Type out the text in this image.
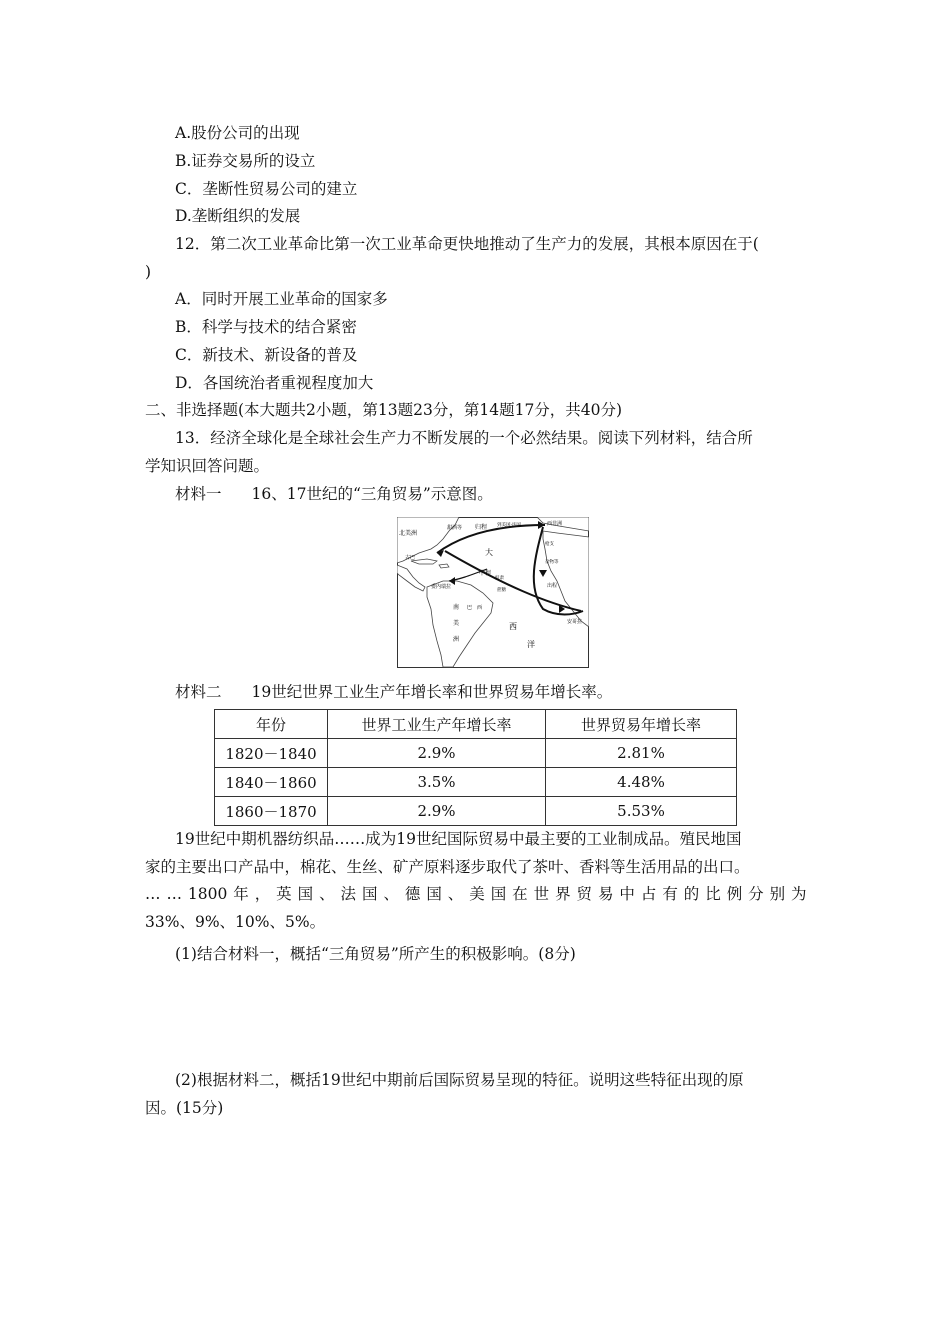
A.股份公司的出现
B.证券交易所的设立
C．垄断性贸易公司的建立
D.垄断组织的发展
12．第二次工业革命比第一次工业革命更快地推动了生产力的发展，其根本原因在于(
)
A．同时开展工业革命的国家多
B．科学与技术的结合紧密
C．新技术、新设备的普及
D．各国统治者重视程度加大
二、非选择题(本大题共2小题，第13题23分，第14题17分，共40分)
13．经济全球化是全球社会生产力不断发展的一个必然结果。阅读下列材料，结合所
学知识回答问题。
材料一 16、17世纪的“三角贸易”示意图。
北美洲
古巴
委内瑞拉
南
美
洲
巴 西
大
西
洋
归程
甜酒等	到美国·法国	西非洲
中程
奴隶
出程
枪支
杂物等
蔗糖
安哥拉
材料二 19世纪世界工业生产年增长率和世界贸易年增长率。
年份	世界工业生产年增长率	世界贸易年增长率
1820－1840	2.9%	2.81%
1840－1860	3.5%	4.48%
1860－1870	2.9%	5.53%
19世纪中期机器纺织品……成为19世纪国际贸易中最主要的工业制成品。殖民地国
家的主要出口产品中，棉花、生丝、矿产原料逐步取代了茶叶、香料等生活用品的出口。
… … 1800 年 ， 英 国 、 法 国 、 德 国 、 美 国 在 世 界 贸 易 中 占 有 的 比 例 分 别 为
33%、9%、10%、5%。
(1)结合材料一，概括“三角贸易”所产生的积极影响。(8分)
(2)根据材料二，概括19世纪中期前后国际贸易呈现的特征。说明这些特征出现的原
因。(15分)
